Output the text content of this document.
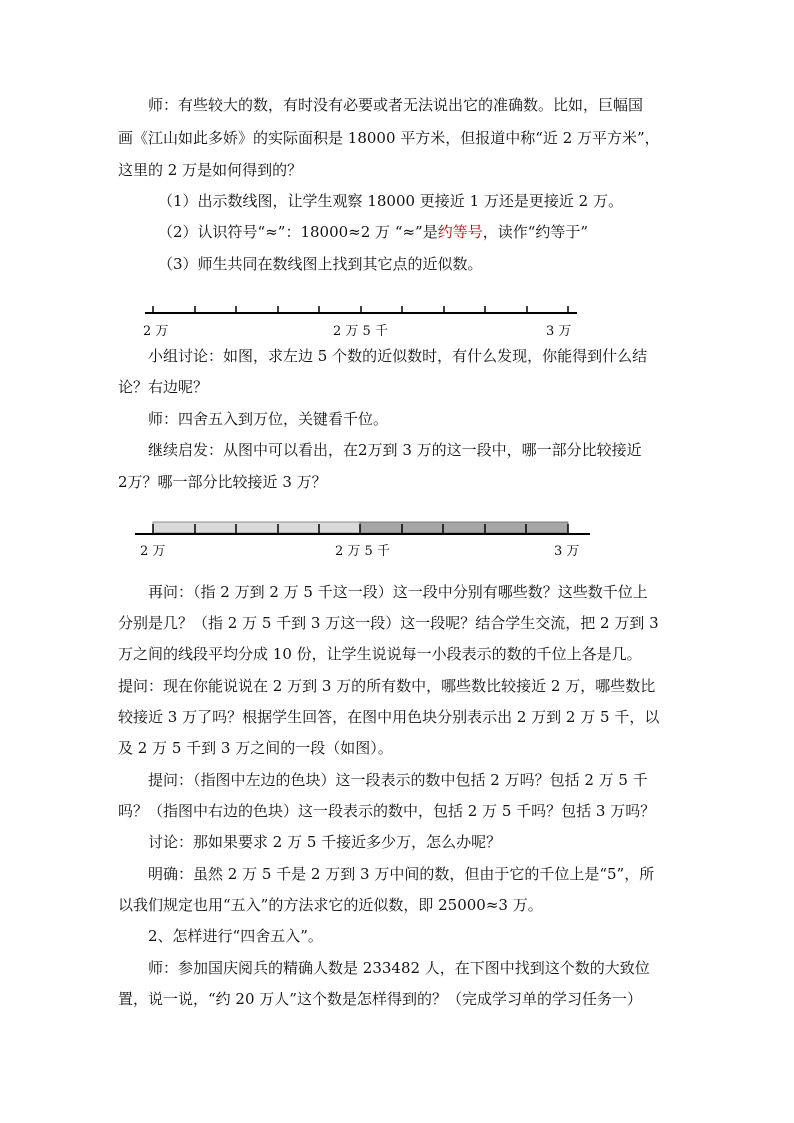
师：有些较大的数，有时没有必要或者无法说出它的准确数。比如，巨幅国
画《江山如此多娇》的实际面积是 18000 平方米，但报道中称“近 2 万平方米”，
这里的 2 万是如何得到的？
（1）出示数线图，让学生观察 18000 更接近 1 万还是更接近 2 万。
（2）认识符号“≈”：18000≈2 万 “≈”是约等号，读作“约等于”
（3）师生共同在数线图上找到其它点的近似数。
2 万	2 万 5 千	3 万
小组讨论：如图，求左边 5 个数的近似数时，有什么发现，你能得到什么结
论？右边呢？
师：四舍五入到万位，关键看千位。
继续启发：从图中可以看出，在2万到 3 万的这一段中，哪一部分比较接近
2万？哪一部分比较接近 3 万？
2 万	2 万 5 千	3 万
再问：（指 2 万到 2 万 5 千这一段）这一段中分别有哪些数？这些数千位上
分别是几？（指 2 万 5 千到 3 万这一段）这一段呢？结合学生交流，把 2 万到 3
万之间的线段平均分成 10 份，让学生说说每一小段表示的数的千位上各是几。
提问：现在你能说说在 2 万到 3 万的所有数中，哪些数比较接近 2 万，哪些数比
较接近 3 万了吗？根据学生回答，在图中用色块分别表示出 2 万到 2 万 5 千，以
及 2 万 5 千到 3 万之间的一段（如图）。
提问：（指图中左边的色块）这一段表示的数中包括 2 万吗？包括 2 万 5 千
吗？（指图中右边的色块）这一段表示的数中，包括 2 万 5 千吗？包括 3 万吗？
讨论：那如果要求 2 万 5 千接近多少万，怎么办呢？
明确：虽然 2 万 5 千是 2 万到 3 万中间的数，但由于它的千位上是“5”，所
以我们规定也用“五入”的方法求它的近似数，即 25000≈3 万。
2、怎样进行“四舍五入”。
师：参加国庆阅兵的精确人数是 233482 人，在下图中找到这个数的大致位
置，说一说，“约 20 万人”这个数是怎样得到的？（完成学习单的学习任务一）
